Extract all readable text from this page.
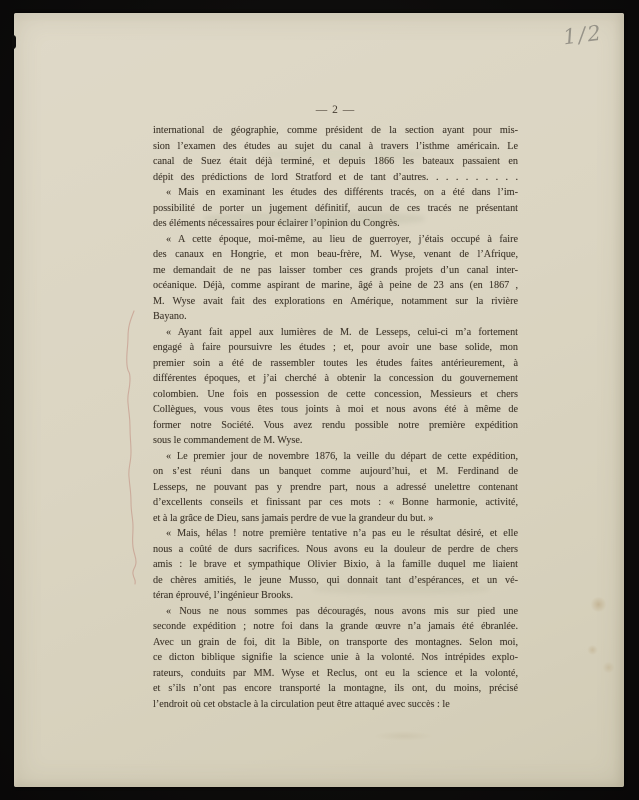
1/2
— 2 —
international de géographie, comme président de la section ayant pour mis-
sion l’examen des études au sujet du canal à travers l’isthme américain. Le
canal de Suez était déjà terminé, et depuis 1866 les bateaux passaient en
dépit des prédictions de lord Stratford et de tant d’autres. . . . . . . . . .
« Mais en examinant les études des différents tracés, on a été dans l’im-
possibilité de porter un jugement définitif, aucun de ces tracés ne présentant
des éléments nécessaires pour éclairer l’opinion du Congrès.
« A cette époque, moi-même, au lieu de guerroyer, j’étais occupé à faire
des canaux en Hongrie, et mon beau-frère, M. Wyse, venant de l’Afrique,
me demandait de ne pas laisser tomber ces grands projets d’un canal inter-
océanique. Déjà, comme aspirant de marine, âgé à peine de 23 ans (en 1867 ,
M. Wyse avait fait des explorations en Amérique, notamment sur la rivière
Bayano.
« Ayant fait appel aux lumières de M. de Lesseps, celui-ci m’a fortement
engagé à faire poursuivre les études ; et, pour avoir une base solide, mon
premier soin a été de rassembler toutes les études faites antérieurement, à
différentes époques, et j’ai cherché à obtenir la concession du gouvernement
colombien. Une fois en possession de cette concession, Messieurs et chers
Collègues, vous vous êtes tous joints à moi et nous avons été à même de
former notre Société. Vous avez rendu possible notre première expédition
sous le commandement de M. Wyse.
« Le premier jour de novembre 1876, la veille du départ de cette expédition,
on s’est réuni dans un banquet comme aujourd’hui, et M. Ferdinand de
Lesseps, ne pouvant pas y prendre part, nous a adressé unelettre contenant
d’excellents conseils et finissant par ces mots : « Bonne harmonie, activité,
et à la grâce de Dieu, sans jamais perdre de vue la grandeur du but. »
« Mais, hélas ! notre première tentative n’a pas eu le résultat désiré, et elle
nous a coûté de durs sacrifices. Nous avons eu la douleur de perdre de chers
amis : le brave et sympathique Olivier Bixio, à la famille duquel me liaient
de chères amitiés, le jeune Musso, qui donnait tant d’espérances, et un vé-
téran éprouvé, l’ingénieur Brooks.
« Nous ne nous sommes pas découragés, nous avons mis sur pied une
seconde expédition ; notre foi dans la grande œuvre n’a jamais été ébranlée.
Avec un grain de foi, dit la Bible, on transporte des montagnes. Selon moi,
ce dicton biblique signifie la science unie à la volonté. Nos intrépides explo-
rateurs, conduits par MM. Wyse et Reclus, ont eu la science et la volonté,
et s’ils n’ont pas encore transporté la montagne, ils ont, du moins, précisé
l’endroit où cet obstacle à la circulation peut être attaqué avec succès : le
